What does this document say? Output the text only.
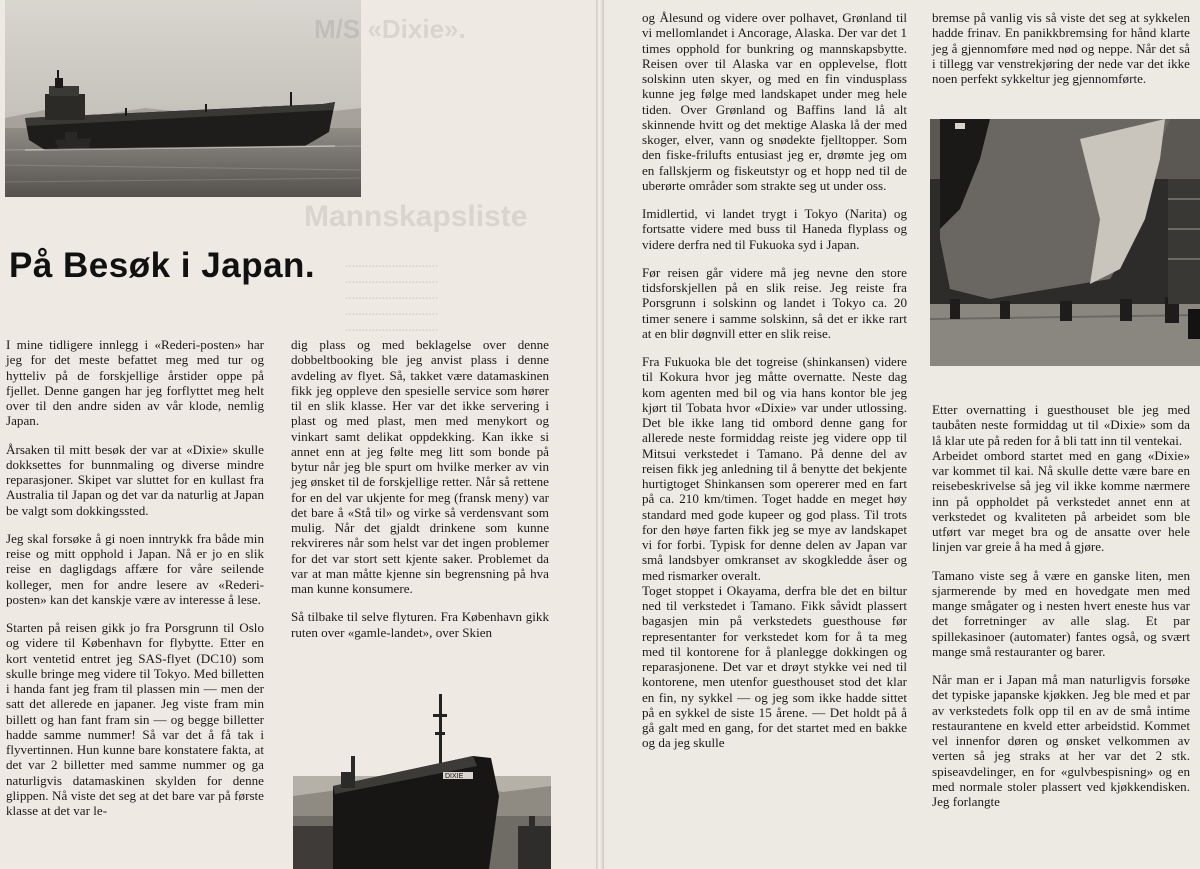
På Besøk i Japan. ............................
............................
............................
............................
............................

I mine tidligere innlegg i «Rederi-posten» har jeg for det meste befattet meg med tur og hytteliv på de forskjellige årstider oppe på fjellet. Denne gangen har jeg forflyttet meg helt over til den andre siden av vår klode, nemlig Japan.

Årsaken til mitt besøk der var at «Dixie» skulle dokksettes for bunnmaling og diverse mindre reparasjoner. Skipet var sluttet for en kullast fra Australia til Japan og det var da naturlig at Japan be valgt som dokkingssted.

Jeg skal forsøke å gi noen inntrykk fra både min reise og mitt opphold i Japan. Nå er jo en slik reise en dagligdags affære for våre seilende kolleger, men for andre lesere av «Rederi-posten» kan det kanskje være av interesse å lese.

Starten på reisen gikk jo fra Porsgrunn til Oslo og videre til København for flybytte. Etter en kort ventetid entret jeg SAS-flyet (DC10) som skulle bringe meg videre til Tokyo. Med billetten i handa fant jeg fram til plassen min — men der satt det allerede en japaner. Jeg viste fram min billett og han fant fram sin — og begge billetter hadde samme nummer! Så var det å få tak i flyvertinnen. Hun kunne bare konstatere fakta, at det var 2 billetter med samme nummer og ga naturligvis datamaskinen skylden for denne glippen. Nå viste det seg at det bare var på første klasse at det var le-

dig plass og med beklagelse over denne dobbeltbooking ble jeg anvist plass i denne avdeling av flyet. Så, takket være datamaskinen fikk jeg oppleve den spesielle service som hører til en slik klasse. Her var det ikke servering i plast og med plast, men med menykort og vinkart samt delikat oppdekking. Kan ikke si annet enn at jeg følte meg litt som bonde på bytur når jeg ble spurt om hvilke merker av vin jeg ønsket til de forskjellige retter. Når så rettene for en del var ukjente for meg (fransk meny) var det bare å «Stå til» og virke så verdensvant som mulig. Når det gjaldt drinkene som kunne rekvireres når som helst var det ingen problemer for det var stort sett kjente saker. Problemet da var at man måtte kjenne sin begrensning på hva man kunne konsumere.

Så tilbake til selve flyturen. Fra København gikk ruten over «gamle-landet», over Skien

DIXIE

og Ålesund og videre over polhavet, Grønland til vi mellomlandet i Ancorage, Alaska. Der var det 1 times opphold for bunkring og mannskapsbytte. Reisen over til Alaska var en opplevelse, flott solskinn uten skyer, og med en fin vindusplass kunne jeg følge med landskapet under meg hele tiden. Over Grønland og Baffins land lå alt skinnende hvitt og det mektige Alaska lå der med skoger, elver, vann og snødekte fjelltopper. Som den fiske-frilufts entusiast jeg er, drømte jeg om en fallskjerm og fiskeutstyr og et hopp ned til de uberørte områder som strakte seg ut under oss.

Imidlertid, vi landet trygt i Tokyo (Narita) og fortsatte videre med buss til Haneda flyplass og videre derfra ned til Fukuoka syd i Japan.

Før reisen går videre må jeg nevne den store tidsforskjellen på en slik reise. Jeg reiste fra Porsgrunn i solskinn og landet i Tokyo ca. 20 timer senere i samme solskinn, så det er ikke rart at en blir døgnvill etter en slik reise.

Fra Fukuoka ble det togreise (shinkansen) videre til Kokura hvor jeg måtte overnatte. Neste dag kom agenten med bil og via hans kontor ble jeg kjørt til Tobata hvor «Dixie» var under utlossing. Det ble ikke lang tid ombord denne gang for allerede neste formiddag reiste jeg videre opp til Mitsui verkstedet i Tamano. På denne del av reisen fikk jeg anledning til å benytte det bekjente hurtigtoget Shinkansen som opererer med en fart på ca. 210 km/timen. Toget hadde en meget høy standard med gode kupeer og god plass. Til trots for den høye farten fikk jeg se mye av landskapet vi for forbi. Typisk for denne delen av Japan var små landsbyer omkranset av skogkledde åser og med rismarker overalt.

Toget stoppet i Okayama, derfra ble det en biltur ned til verkstedet i Tamano. Fikk såvidt plassert bagasjen min på verkstedets guesthouse før representanter for verkstedet kom for å ta meg med til kontorene for å planlegge dokkingen og reparasjonene. Det var et drøyt stykke vei ned til kontorene, men utenfor guesthouset stod det klar en fin, ny sykkel — og jeg som ikke hadde sittet på en sykkel de siste 15 årene. — Det holdt på å gå galt med en gang, for det startet med en bakke og da jeg skulle

bremse på vanlig vis så viste det seg at sykkelen hadde frinav. En panikkbremsing for hånd klarte jeg å gjennomføre med nød og neppe. Når det så i tillegg var venstrekjøring der nede var det ikke noen perfekt sykkeltur jeg gjennomførte.

Etter overnatting i guesthouset ble jeg med taubåten neste formiddag ut til «Dixie» som da lå klar ute på reden for å bli tatt inn til ventekai.

Arbeidet ombord startet med en gang «Dixie» var kommet til kai. Nå skulle dette være bare en reisebeskrivelse så jeg vil ikke komme nærmere inn på oppholdet på verkstedet annet enn at verkstedet og kvaliteten på arbeidet som ble utført var meget bra og de ansatte over hele linjen var greie å ha med å gjøre.

Tamano viste seg å være en ganske liten, men sjarmerende by med en hovedgate men med mange smågater og i nesten hvert eneste hus var det forretninger av alle slag. Et par spillekasinoer (automater) fantes også, og svært mange små restauranter og barer.

Når man er i Japan må man naturligvis forsøke det typiske japanske kjøkken. Jeg ble med et par av verkstedets folk opp til en av de små intime restaurantene en kveld etter arbeidstid. Kommet vel innenfor døren og ønsket velkommen av verten så jeg straks at her var det 2 stk. spiseavdelinger, en for «gulvbespisning» og en med normale stoler plassert ved kjøkkendisken. Jeg forlangte
